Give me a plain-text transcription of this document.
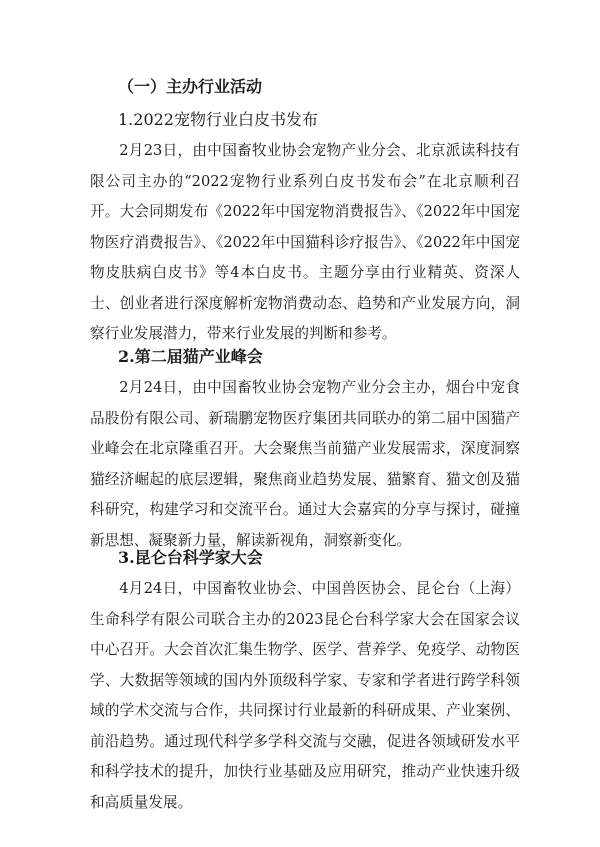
（一）主办行业活动

1.2022宠物行业白皮书发布

2月23日，由中国畜牧业协会宠物产业分会、北京派读科技有限公司主办的“2022宠物行业系列白皮书发布会”在北京顺利召开。大会同期发布《2022年中国宠物消费报告》、《2022年中国宠物医疗消费报告》、《2022年中国猫科诊疗报告》、《2022年中国宠物皮肤病白皮书》等4本白皮书。主题分享由行业精英、资深人士、创业者进行深度解析宠物消费动态、趋势和产业发展方向，洞察行业发展潜力，带来行业发展的判断和参考。

2.第二届猫产业峰会

2月24日，由中国畜牧业协会宠物产业分会主办，烟台中宠食品股份有限公司、新瑞鹏宠物医疗集团共同联办的第二届中国猫产业峰会在北京隆重召开。大会聚焦当前猫产业发展需求，深度洞察猫经济崛起的底层逻辑，聚焦商业趋势发展、猫繁育、猫文创及猫科研究，构建学习和交流平台。通过大会嘉宾的分享与探讨，碰撞新思想、凝聚新力量，解读新视角，洞察新变化。

3.昆仑台科学家大会

4月24日，中国畜牧业协会、中国兽医协会、昆仑台（上海）生命科学有限公司联合主办的2023昆仑台科学家大会在国家会议中心召开。大会首次汇集生物学、医学、营养学、免疫学、动物医学、大数据等领域的国内外顶级科学家、专家和学者进行跨学科领域的学术交流与合作，共同探讨行业最新的科研成果、产业案例、前沿趋势。通过现代科学多学科交流与交融，促进各领域研发水平和科学技术的提升，加快行业基础及应用研究，推动产业快速升级和高质量发展。
